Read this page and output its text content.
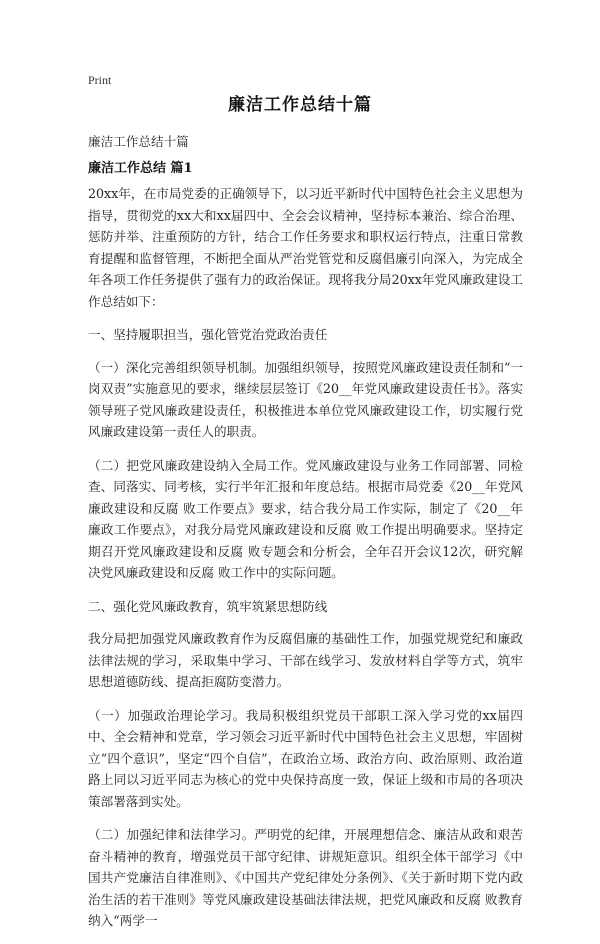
Print
廉洁工作总结十篇
廉洁工作总结十篇
廉洁工作总结 篇1

20xx年，在市局党委的正确领导下，以习近平新时代中国特色社会主义思想为指导，贯彻党的xx大和xx届四中、全会会议精神，坚持标本兼治、综合治理、惩防并举、注重预防的方针，结合工作任务要求和职权运行特点，注重日常教育提醒和监督管理，不断把全面从严治党管党和反腐倡廉引向深入，为完成全年各项工作任务提供了强有力的政治保证。现将我分局20xx年党风廉政建设工作总结如下：

一、坚持履职担当，强化管党治党政治责任

（一）深化完善组织领导机制。加强组织领导，按照党风廉政建设责任制和“一岗双责”实施意见的要求，继续层层签订《20__年党风廉政建设责任书》。落实领导班子党风廉政建设责任，积极推进本单位党风廉政建设工作，切实履行党风廉政建设第一责任人的职责。

（二）把党风廉政建设纳入全局工作。党风廉政建设与业务工作同部署、同检查、同落实、同考核，实行半年汇报和年度总结。根据市局党委《20__年党风廉政建设和反腐 败工作要点》要求，结合我分局工作实际，制定了《20__年廉政工作要点》，对我分局党风廉政建设和反腐 败工作提出明确要求。坚持定期召开党风廉政建设和反腐 败专题会和分析会，全年召开会议12次，研究解决党风廉政建设和反腐 败工作中的实际问题。

二、强化党风廉政教育，筑牢筑紧思想防线

我分局把加强党风廉政教育作为反腐倡廉的基础性工作，加强党规党纪和廉政法律法规的学习，采取集中学习、干部在线学习、发放材料自学等方式，筑牢思想道德防线、提高拒腐防变潜力。

（一）加强政治理论学习。我局积极组织党员干部职工深入学习党的xx届四中、全会精神和党章，学习领会习近平新时代中国特色社会主义思想，牢固树立“四个意识”，坚定“四个自信”，在政治立场、政治方向、政治原则、政治道路上同以习近平同志为核心的党中央保持高度一致，保证上级和市局的各项决策部署落到实处。

（二）加强纪律和法律学习。严明党的纪律，开展理想信念、廉洁从政和艰苦奋斗精神的教育，增强党员干部守纪律、讲规矩意识。组织全体干部学习《中国共产党廉洁自律准则》、《中国共产党纪律处分条例》、《关于新时期下党内政治生活的若干准则》等党风廉政建设基础法律法规，把党风廉政和反腐 败教育纳入“两学一
